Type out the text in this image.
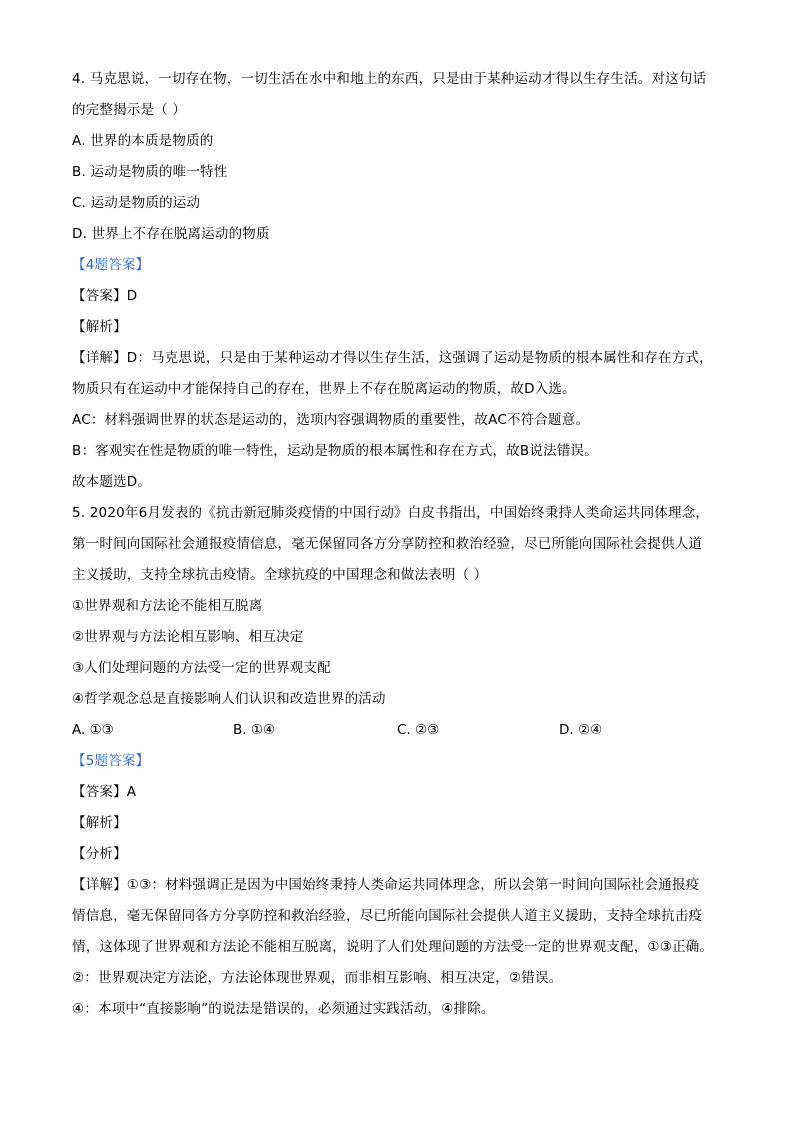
4. 马克思说，一切存在物，一切生活在水中和地上的东西，只是由于某种运动才得以生存生活。对这句话
的完整揭示是（ ）
A. 世界的本质是物质的
B. 运动是物质的唯一特性
C. 运动是物质的运动
D. 世界上不存在脱离运动的物质
【4题答案】
【答案】D
【解析】
【详解】D：马克思说，只是由于某种运动才得以生存生活，这强调了运动是物质的根本属性和存在方式，
物质只有在运动中才能保持自己的存在，世界上不存在脱离运动的物质，故D入选。
AC：材料强调世界的状态是运动的，选项内容强调物质的重要性，故AC不符合题意。
B：客观实在性是物质的唯一特性，运动是物质的根本属性和存在方式，故B说法错误。
故本题选D。
5. 2020年6月发表的《抗击新冠肺炎疫情的中国行动》白皮书指出，中国始终秉持人类命运共同体理念，
第一时间向国际社会通报疫情信息，毫无保留同各方分享防控和救治经验，尽已所能向国际社会提供人道
主义援助，支持全球抗击疫情。全球抗疫的中国理念和做法表明（ ）
①世界观和方法论不能相互脱离
②世界观与方法论相互影响、相互决定
③人们处理问题的方法受一定的世界观支配
④哲学观念总是直接影响人们认识和改造世界的活动
A. ①③	B. ①④	C. ②③	D. ②④
【5题答案】
【答案】A
【解析】
【分析】
【详解】①③：材料强调正是因为中国始终秉持人类命运共同体理念，所以会第一时间向国际社会通报疫
情信息，毫无保留同各方分享防控和救治经验，尽已所能向国际社会提供人道主义援助，支持全球抗击疫
情，这体现了世界观和方法论不能相互脱离，说明了人们处理问题的方法受一定的世界观支配，①③正确。
②：世界观决定方法论，方法论体现世界观，而非相互影响、相互决定，②错误。
④：本项中“直接影响”的说法是错误的，必须通过实践活动，④排除。
